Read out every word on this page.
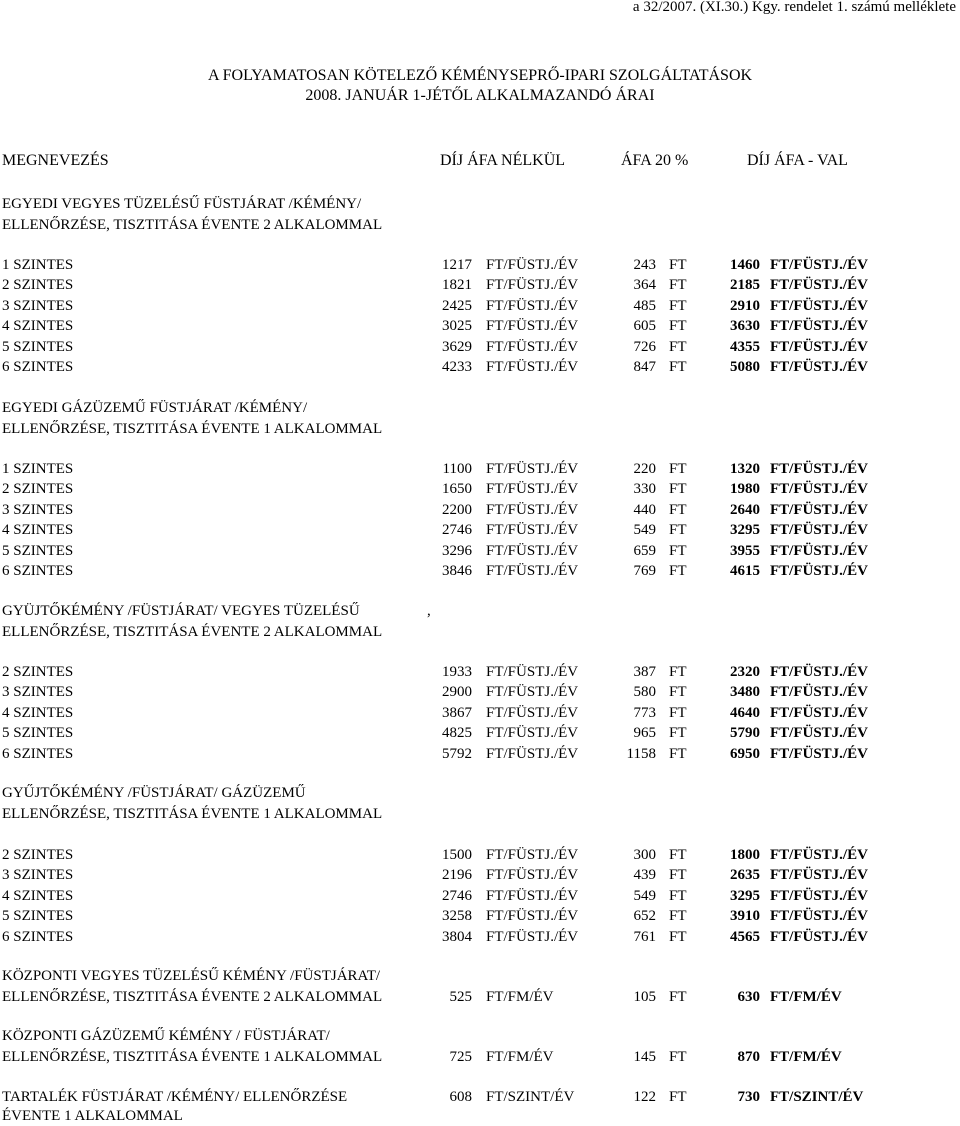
a 32/2007. (XI.30.) Kgy. rendelet 1. számú melléklete
A FOLYAMATOSAN KÖTELEZŐ KÉMÉNYSEPRŐ-IPARI SZOLGÁLTATÁSOK
2008. JANUÁR 1-JÉTŐL ALKALMAZANDÓ ÁRAI
MEGNEVEZÉS	DÍJ ÁFA NÉLKÜL	ÁFA 20 %	DÍJ ÁFA - VAL
EGYEDI VEGYES TÜZELÉSŰ FÜSTJÁRAT /KÉMÉNY/
ELLENŐRZÉSE, TISZTITÁSA ÉVENTE 2 ALKALOMMAL
1 SZINTES	1217 FT/FÜSTJ./ÉV	243 FT	1460 FT/FÜSTJ./ÉV
2 SZINTES	1821 FT/FÜSTJ./ÉV	364 FT	2185 FT/FÜSTJ./ÉV
3 SZINTES	2425 FT/FÜSTJ./ÉV	485 FT	2910 FT/FÜSTJ./ÉV
4 SZINTES	3025 FT/FÜSTJ./ÉV	605 FT	3630 FT/FÜSTJ./ÉV
5 SZINTES	3629 FT/FÜSTJ./ÉV	726 FT	4355 FT/FÜSTJ./ÉV
6 SZINTES	4233 FT/FÜSTJ./ÉV	847 FT	5080 FT/FÜSTJ./ÉV
EGYEDI GÁZÜZEMŰ FÜSTJÁRAT /KÉMÉNY/
ELLENŐRZÉSE, TISZTITÁSA ÉVENTE 1 ALKALOMMAL
1 SZINTES	1100 FT/FÜSTJ./ÉV	220 FT	1320 FT/FÜSTJ./ÉV
2 SZINTES	1650 FT/FÜSTJ./ÉV	330 FT	1980 FT/FÜSTJ./ÉV
3 SZINTES	2200 FT/FÜSTJ./ÉV	440 FT	2640 FT/FÜSTJ./ÉV
4 SZINTES	2746 FT/FÜSTJ./ÉV	549 FT	3295 FT/FÜSTJ./ÉV
5 SZINTES	3296 FT/FÜSTJ./ÉV	659 FT	3955 FT/FÜSTJ./ÉV
6 SZINTES	3846 FT/FÜSTJ./ÉV	769 FT	4615 FT/FÜSTJ./ÉV
GYÜJTŐKÉMÉNY /FÜSTJÁRAT/ VEGYES TÜZELÉSŰ
ELLENŐRZÉSE, TISZTITÁSA ÉVENTE 2 ALKALOMMAL
,
2 SZINTES	1933 FT/FÜSTJ./ÉV	387 FT	2320 FT/FÜSTJ./ÉV
3 SZINTES	2900 FT/FÜSTJ./ÉV	580 FT	3480 FT/FÜSTJ./ÉV
4 SZINTES	3867 FT/FÜSTJ./ÉV	773 FT	4640 FT/FÜSTJ./ÉV
5 SZINTES	4825 FT/FÜSTJ./ÉV	965 FT	5790 FT/FÜSTJ./ÉV
6 SZINTES	5792 FT/FÜSTJ./ÉV	1158 FT	6950 FT/FÜSTJ./ÉV
GYŰJTŐKÉMÉNY /FÜSTJÁRAT/ GÁZÜZEMŰ
ELLENŐRZÉSE, TISZTITÁSA ÉVENTE 1 ALKALOMMAL
2 SZINTES	1500 FT/FÜSTJ./ÉV	300 FT	1800 FT/FÜSTJ./ÉV
3 SZINTES	2196 FT/FÜSTJ./ÉV	439 FT	2635 FT/FÜSTJ./ÉV
4 SZINTES	2746 FT/FÜSTJ./ÉV	549 FT	3295 FT/FÜSTJ./ÉV
5 SZINTES	3258 FT/FÜSTJ./ÉV	652 FT	3910 FT/FÜSTJ./ÉV
6 SZINTES	3804 FT/FÜSTJ./ÉV	761 FT	4565 FT/FÜSTJ./ÉV
KÖZPONTI VEGYES TÜZELÉSŰ KÉMÉNY /FÜSTJÁRAT/
ELLENŐRZÉSE, TISZTITÁSA ÉVENTE 2 ALKALOMMAL	525 FT/FM/ÉV	105 FT	630 FT/FM/ÉV
KÖZPONTI GÁZÜZEMŰ KÉMÉNY / FÜSTJÁRAT/
ELLENŐRZÉSE, TISZTITÁSA ÉVENTE 1 ALKALOMMAL	725 FT/FM/ÉV	145 FT	870 FT/FM/ÉV
TARTALÉK FÜSTJÁRAT /KÉMÉNY/ ELLENŐRZÉSE	608 FT/SZINT/ÉV	122 FT	730 FT/SZINT/ÉV
ÉVENTE 1 ALKALOMMAL
